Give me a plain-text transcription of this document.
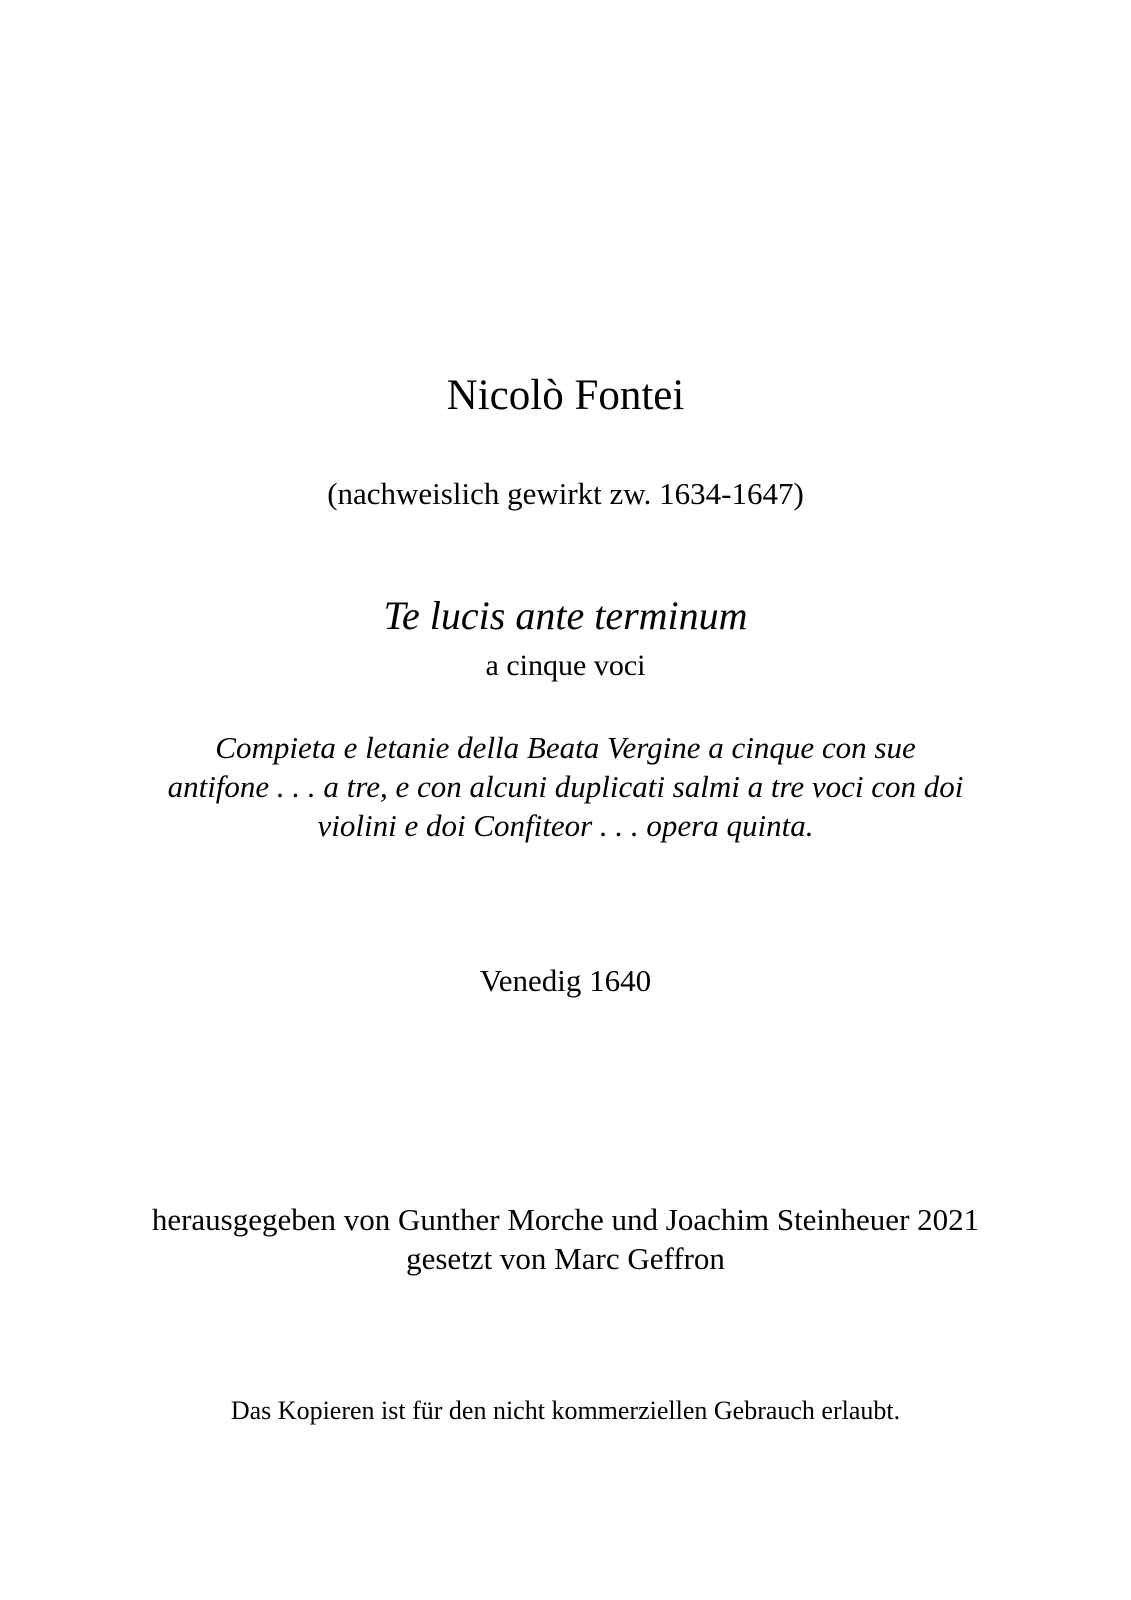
Nicolò Fontei
(nachweislich gewirkt zw. 1634-1647)
Te lucis ante terminum
a cinque voci
Compieta e letanie della Beata Vergine a cinque con sue
antifone . . . a tre, e con alcuni duplicati salmi a tre voci con doi
violini e doi Confiteor . . . opera quinta.
Venedig 1640
herausgegeben von Gunther Morche und Joachim Steinheuer 2021
gesetzt von Marc Geffron
Das Kopieren ist für den nicht kommerziellen Gebrauch erlaubt.
